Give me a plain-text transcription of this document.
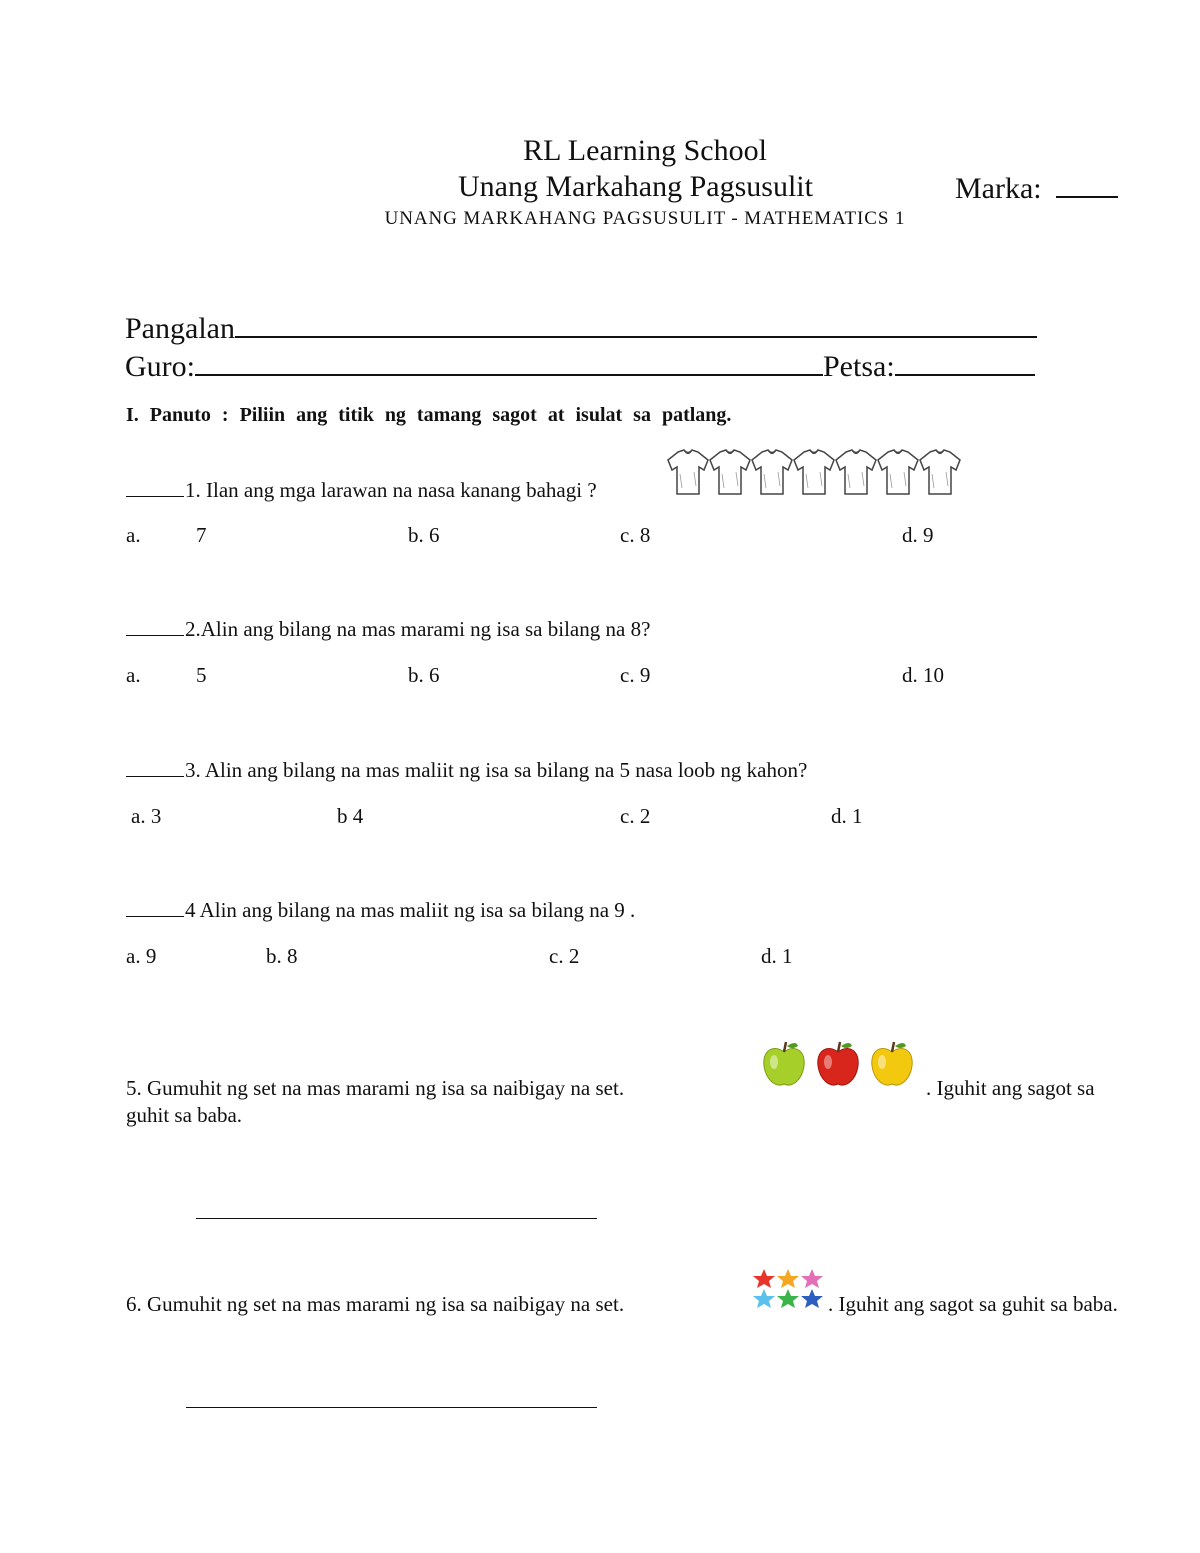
RL Learning School
Unang Markahang Pagsusulit	Marka:
UNANG MARKAHANG PAGSUSULIT - MATHEMATICS 1
Pangalan
Guro:	Petsa:
I. Panuto : Piliin ang titik ng tamang sagot at isulat sa patlang.
1. Ilan ang mga larawan na nasa kanang bahagi ?
a.	7	b. 6	c. 8	d. 9
2.Alin ang bilang na mas marami ng isa sa bilang na 8?
a.	5	b. 6	c. 9	d. 10
3. Alin ang bilang na mas maliit ng isa sa bilang na 5 nasa loob ng kahon?
a. 3	b 4	c. 2	d. 1
4 Alin ang bilang na mas maliit ng isa sa bilang na 9 .
a. 9	b. 8	c. 2	d. 1
5. Gumuhit ng set na mas marami ng isa sa naibigay na set.	. Iguhit ang sagot sa
guhit sa baba.
6. Gumuhit ng set na mas marami ng isa sa naibigay na set.	. Iguhit ang sagot sa guhit sa baba.
